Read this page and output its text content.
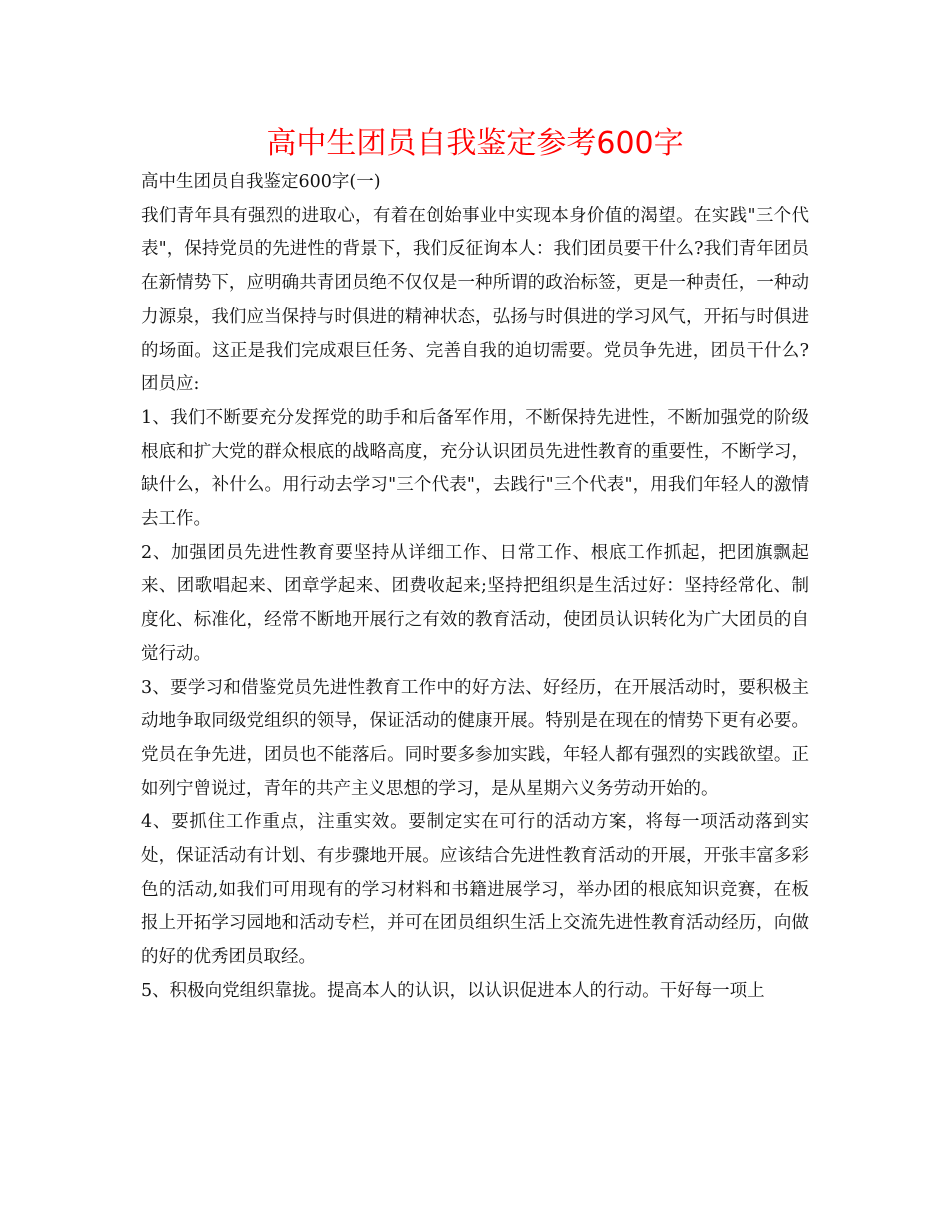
高中生团员自我鉴定参考600字

高中生团员自我鉴定600字(一)

我们青年具有强烈的进取心，有着在创始事业中实现本身价值的渴望。在实践"三个代表"，保持党员的先进性的背景下，我们反征询本人：我们团员要干什么?我们青年团员在新情势下，应明确共青团员绝不仅仅是一种所谓的政治标签，更是一种责任，一种动力源泉，我们应当保持与时俱进的精神状态，弘扬与时俱进的学习风气，开拓与时俱进的场面。这正是我们完成艰巨任务、完善自我的迫切需要。党员争先进，团员干什么?团员应:

1、我们不断要充分发挥党的助手和后备军作用，不断保持先进性，不断加强党的阶级根底和扩大党的群众根底的战略高度，充分认识团员先进性教育的重要性，不断学习，缺什么，补什么。用行动去学习"三个代表"，去践行"三个代表"，用我们年轻人的激情去工作。

2、加强团员先进性教育要坚持从详细工作、日常工作、根底工作抓起，把团旗飘起来、团歌唱起来、团章学起来、团费收起来;坚持把组织是生活过好：坚持经常化、制度化、标准化，经常不断地开展行之有效的教育活动，使团员认识转化为广大团员的自觉行动。

3、要学习和借鉴党员先进性教育工作中的好方法、好经历，在开展活动时，要积极主动地争取同级党组织的领导，保证活动的健康开展。特别是在现在的情势下更有必要。党员在争先进，团员也不能落后。同时要多参加实践，年轻人都有强烈的实践欲望。正如列宁曾说过，青年的共产主义思想的学习，是从星期六义务劳动开始的。

4、要抓住工作重点，注重实效。要制定实在可行的活动方案，将每一项活动落到实处，保证活动有计划、有步骤地开展。应该结合先进性教育活动的开展，开张丰富多彩色的活动,如我们可用现有的学习材料和书籍进展学习，举办团的根底知识竞赛，在板报上开拓学习园地和活动专栏，并可在团员组织生活上交流先进性教育活动经历，向做的好的优秀团员取经。

5、积极向党组织靠拢。提高本人的认识，以认识促进本人的行动。干好每一项上
